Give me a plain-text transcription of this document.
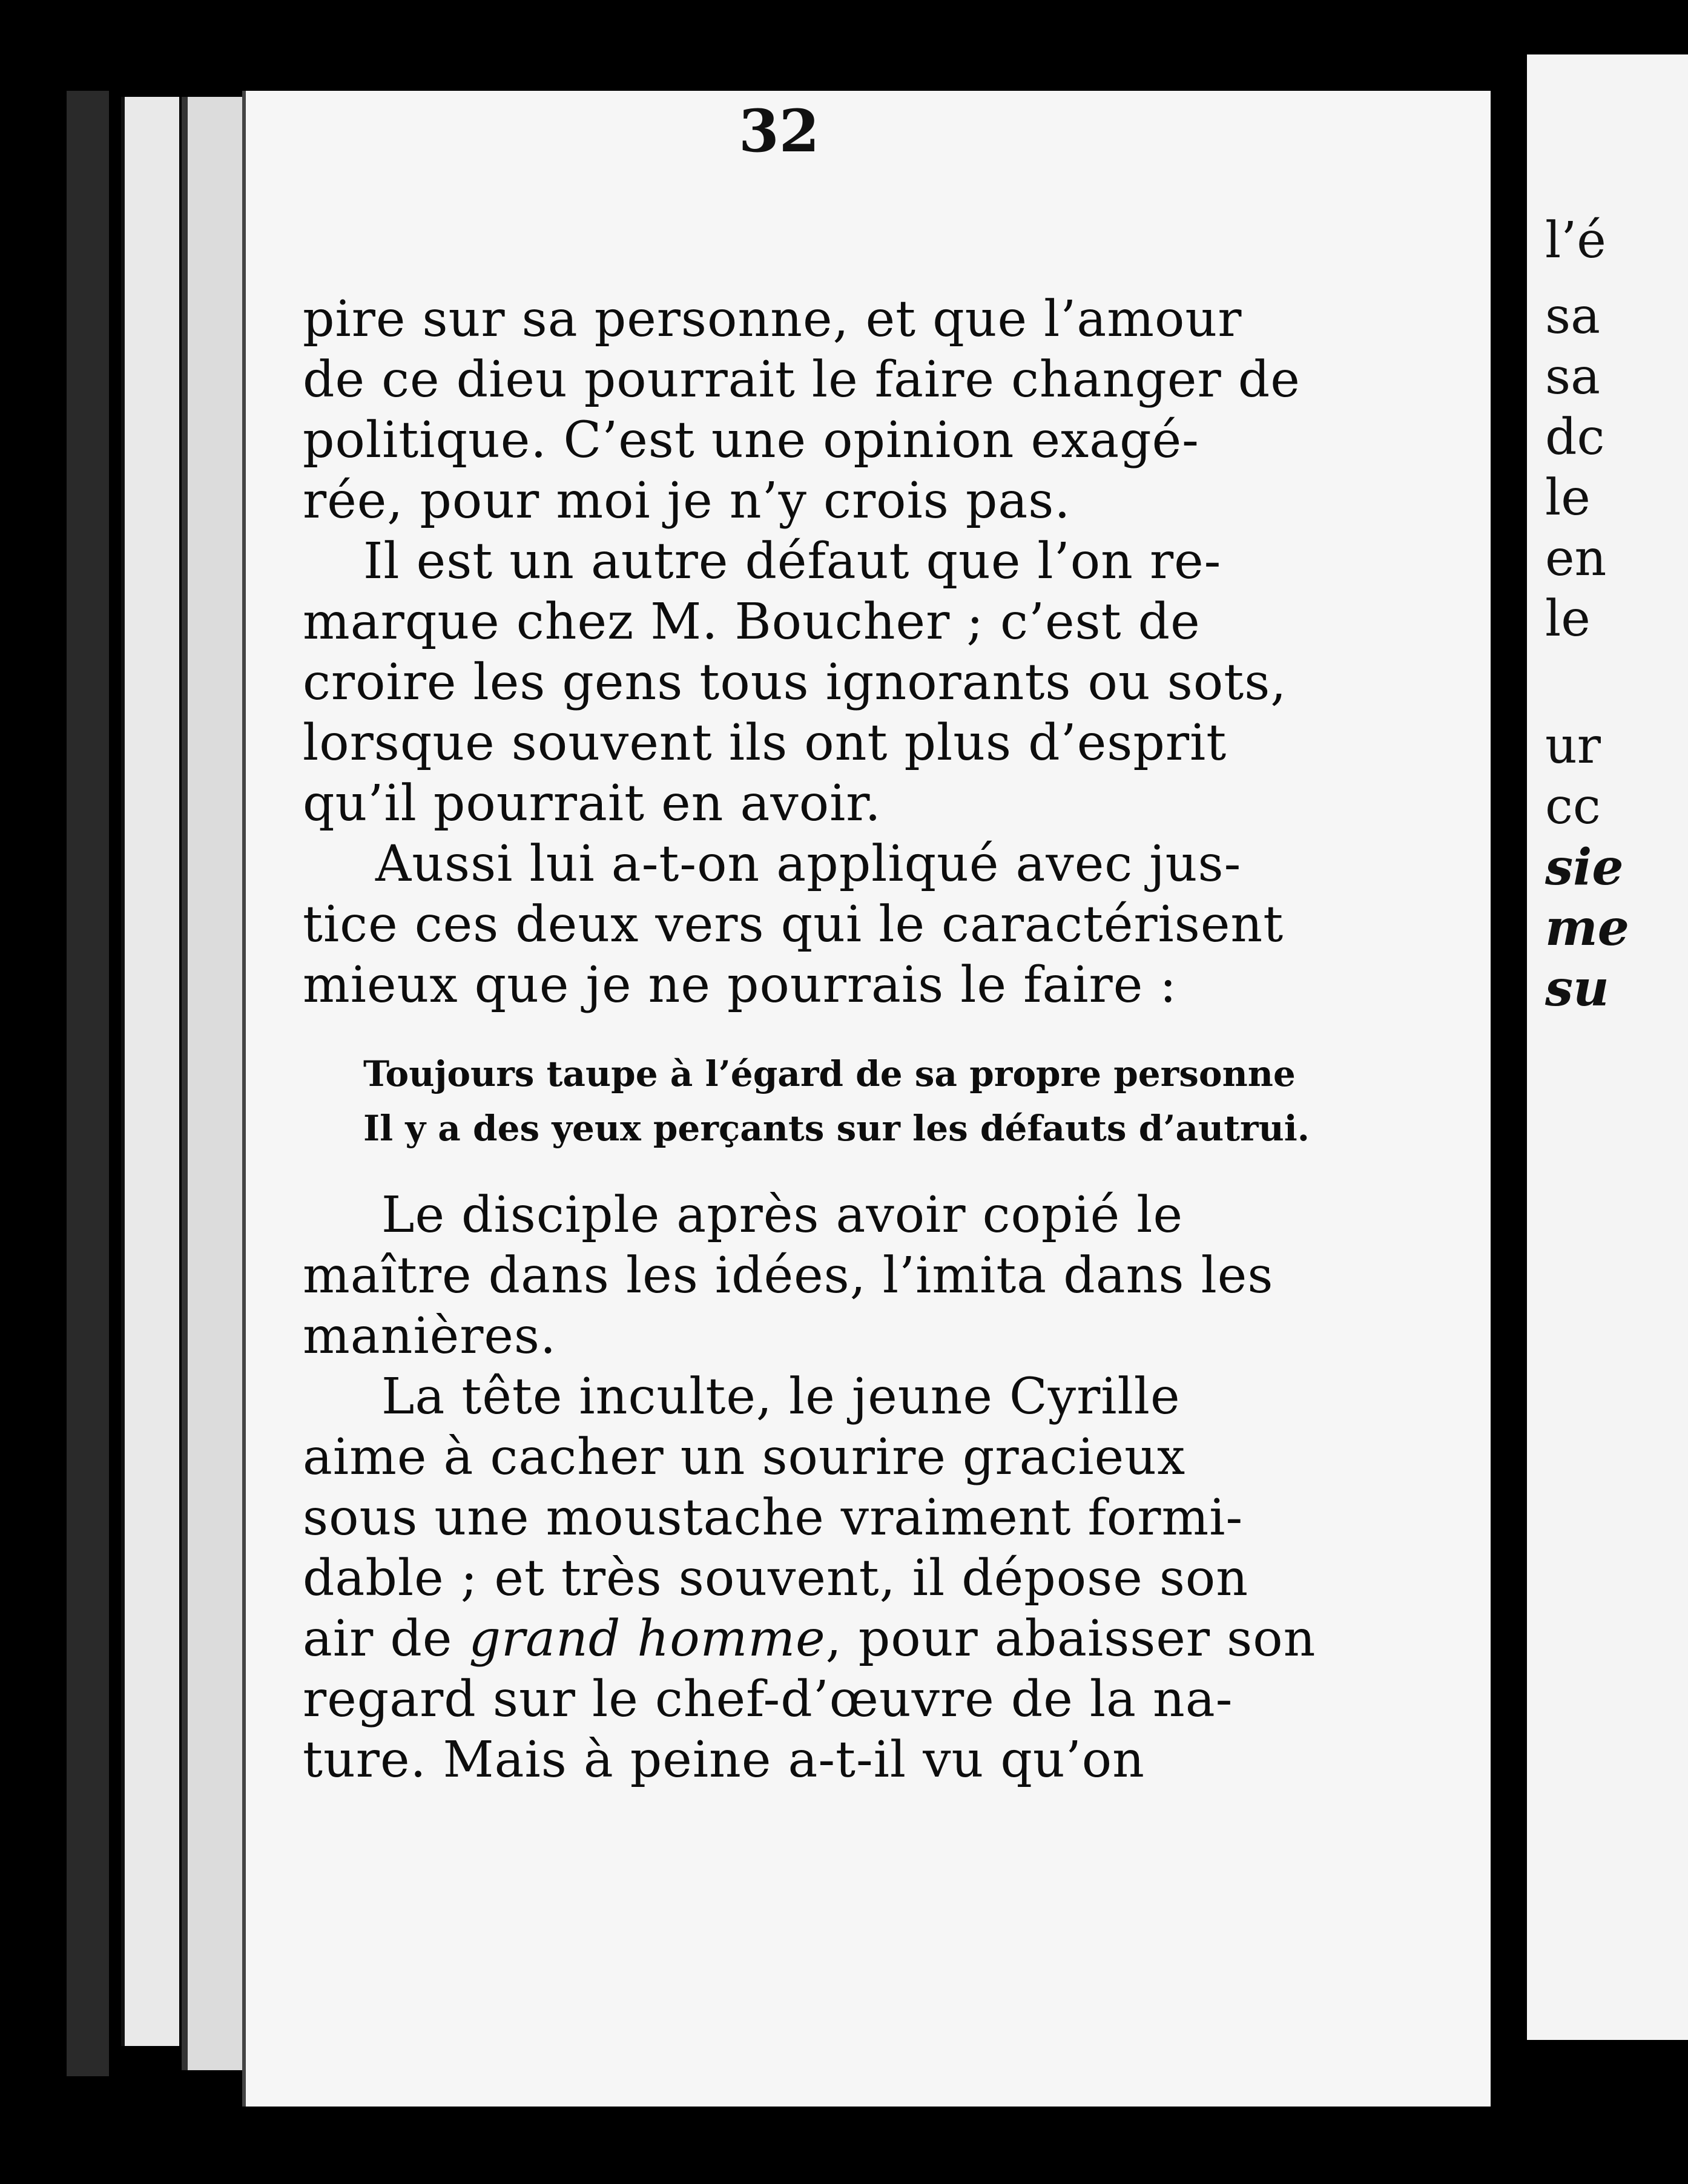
l’é
sa
sa
dc
le
en
le
ur
cc
sie
me
su
32
pire sur sa personne, et que l’amour
de ce dieu pourrait le faire changer de
politique. C’est une opinion exagé-
rée, pour moi je n’y crois pas.
Il est un autre défaut que l’on re-
marque chez M. Boucher ; c’est de
croire les gens tous ignorants ou sots,
lorsque souvent ils ont plus d’esprit
qu’il pourrait en avoir.
Aussi lui a-t-on appliqué avec jus-
tice ces deux vers qui le caractérisent
mieux que je ne pourrais le faire :
Toujours taupe à l’égard de sa propre personne
Il y a des yeux perçants sur les défauts d’autrui.
Le disciple après avoir copié le
maître dans les idées, l’imita dans les
manières.
La tête inculte, le jeune Cyrille
aime à cacher un sourire gracieux
sous une moustache vraiment formi-
dable ; et très souvent, il dépose son
air de grand homme, pour abaisser son
regard sur le chef-d’œuvre de la na-
ture. Mais à peine a-t-il vu qu’on
